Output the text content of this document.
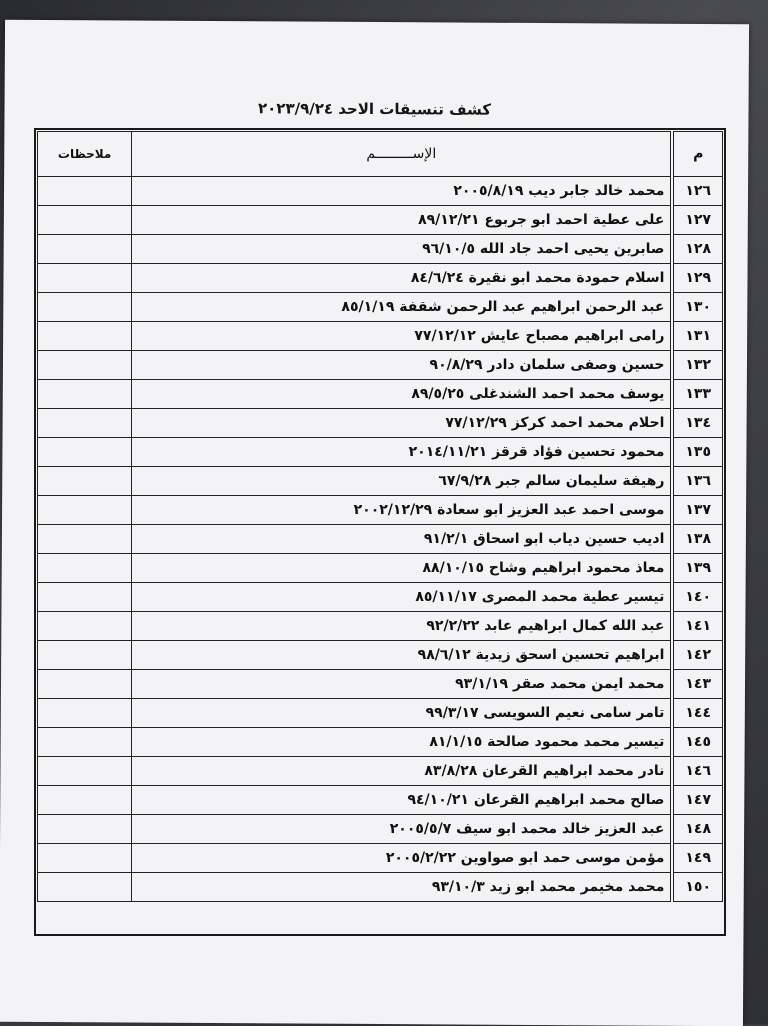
كشف تنسيقات الاحد ٢٠٢٣/٩/٢٤
م	الإســـــــــم	ملاحظات
١٢٦	محمد خالد جابر ديب ٢٠٠٥/٨/١٩	
١٢٧	على عطية احمد ابو جربوع ٨٩/١٢/٢١	
١٢٨	صابرين يحيى احمد جاد الله ٩٦/١٠/٥	
١٢٩	اسلام حمودة محمد ابو نقيرة ٨٤/٦/٢٤	
١٣٠	عبد الرحمن ابراهيم عبد الرحمن شقفة ٨٥/١/١٩	
١٣١	رامى ابراهيم مصباح عايش ٧٧/١٢/١٢	
١٣٢	حسين وصفى سلمان دادر ٩٠/٨/٢٩	
١٣٣	يوسف محمد احمد الشندغلى ٨٩/٥/٢٥	
١٣٤	احلام محمد احمد كركز ٧٧/١٢/٢٩	
١٣٥	محمود تحسين فؤاد قرقز ٢٠١٤/١١/٢١	
١٣٦	رهيفة سليمان سالم جبر ٦٧/٩/٢٨	
١٣٧	موسى احمد عبد العزيز ابو سعادة ٢٠٠٢/١٢/٢٩	
١٣٨	اديب حسين دياب ابو اسحاق ٩١/٢/١	
١٣٩	معاذ محمود ابراهيم وشاح ٨٨/١٠/١٥	
١٤٠	تيسير عطية محمد المصرى ٨٥/١١/١٧	
١٤١	عبد الله كمال ابراهيم عابد ٩٢/٢/٢٢	
١٤٢	ابراهيم تحسين اسحق زيدية ٩٨/٦/١٢	
١٤٣	محمد ايمن محمد صقر ٩٣/١/١٩	
١٤٤	تامر سامى نعيم السويسى ٩٩/٣/١٧	
١٤٥	تيسير محمد محمود صالحة ٨١/١/١٥	
١٤٦	نادر محمد ابراهيم القرعان ٨٣/٨/٢٨	
١٤٧	صالح محمد ابراهيم القرعان ٩٤/١٠/٢١	
١٤٨	عبد العزيز خالد محمد ابو سيف ٢٠٠٥/٥/٧	
١٤٩	مؤمن موسى حمد ابو صواوين ٢٠٠٥/٢/٢٢	
١٥٠	محمد مخيمر محمد ابو زيد ٩٣/١٠/٣	
